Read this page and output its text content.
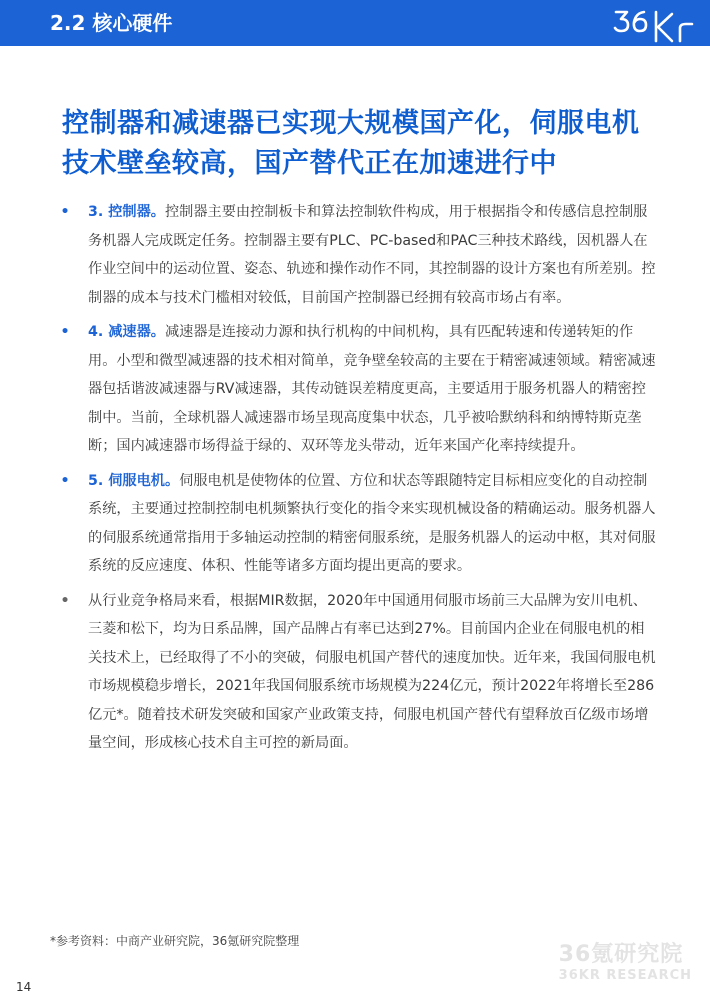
2.2 核心硬件
控制器和减速器已实现大规模国产化，伺服电机技术壁垒较高，国产替代正在加速进行中
• 3. 控制器。控制器主要由控制板卡和算法控制软件构成，用于根据指令和传感信息控制服务机器人完成既定任务。控制器主要有PLC、PC-based和PAC三种技术路线，因机器人在作业空间中的运动位置、姿态、轨迹和操作动作不同，其控制器的设计方案也有所差别。控制器的成本与技术门槛相对较低，目前国产控制器已经拥有较高市场占有率。
• 4. 减速器。减速器是连接动力源和执行机构的中间机构，具有匹配转速和传递转矩的作用。小型和微型减速器的技术相对简单，竞争壁垒较高的主要在于精密减速领域。精密减速器包括谐波减速器与RV减速器，其传动链误差精度更高，主要适用于服务机器人的精密控制中。当前，全球机器人减速器市场呈现高度集中状态，几乎被哈默纳科和纳博特斯克垄断；国内减速器市场得益于绿的、双环等龙头带动，近年来国产化率持续提升。
• 5. 伺服电机。伺服电机是使物体的位置、方位和状态等跟随特定目标相应变化的自动控制系统，主要通过控制控制电机频繁执行变化的指令来实现机械设备的精确运动。服务机器人的伺服系统通常指用于多轴运动控制的精密伺服系统，是服务机器人的运动中枢，其对伺服系统的反应速度、体积、性能等诸多方面均提出更高的要求。
• 从行业竞争格局来看，根据MIR数据，2020年中国通用伺服市场前三大品牌为安川电机、三菱和松下，均为日系品牌，国产品牌占有率已达到27%。目前国内企业在伺服电机的相关技术上，已经取得了不小的突破，伺服电机国产替代的速度加快。近年来，我国伺服电机市场规模稳步增长，2021年我国伺服系统市场规模为224亿元，预计2022年将增长至286亿元*。随着技术研发突破和国家产业政策支持，伺服电机国产替代有望释放百亿级市场增量空间，形成核心技术自主可控的新局面。
*参考资料：中商产业研究院，36氪研究院整理
36氪研究院
36KR RESEARCH
14
